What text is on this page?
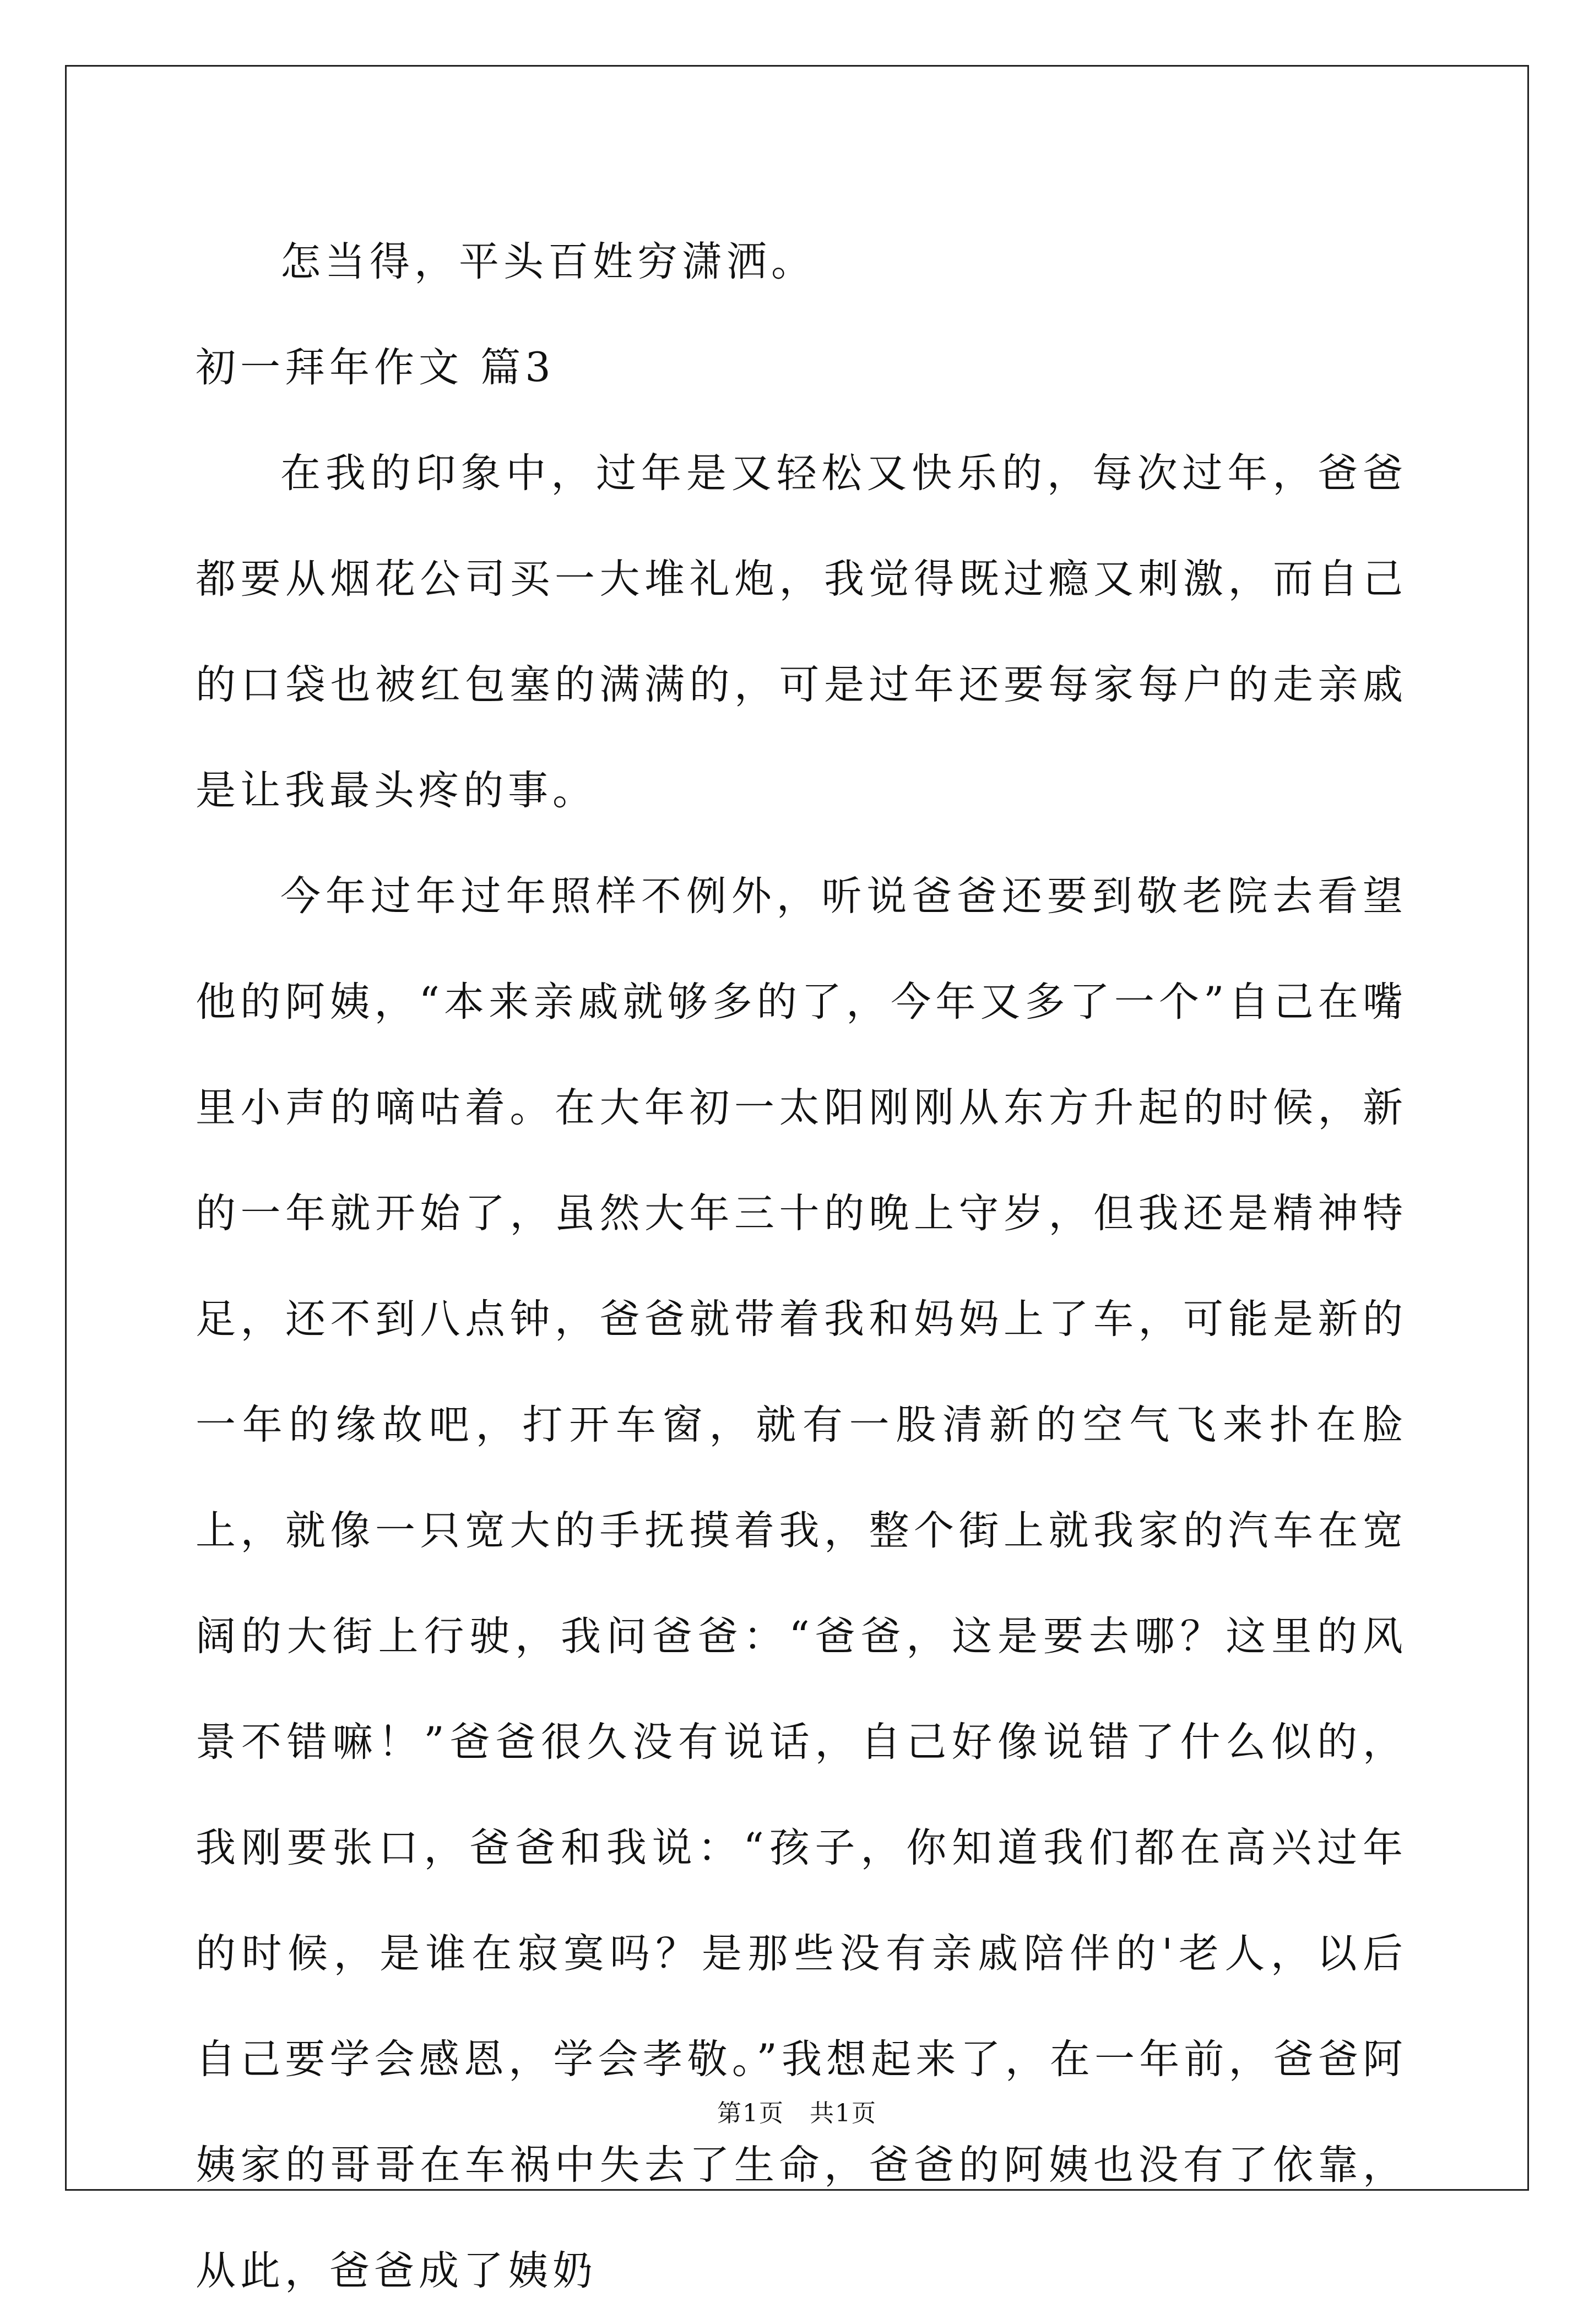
怎当得，平头百姓穷潇洒。

初一拜年作文 篇3

在我的印象中，过年是又轻松又快乐的，每次过年，爸爸都要从烟花公司买一大堆礼炮，我觉得既过瘾又刺激，而自己的口袋也被红包塞的满满的，可是过年还要每家每户的走亲戚是让我最头疼的事。

今年过年过年照样不例外，听说爸爸还要到敬老院去看望他的阿姨，“本来亲戚就够多的了，今年又多了一个”自己在嘴里小声的嘀咕着。在大年初一太阳刚刚从东方升起的时候，新的一年就开始了，虽然大年三十的晚上守岁，但我还是精神特足，还不到八点钟，爸爸就带着我和妈妈上了车，可能是新的一年的缘故吧，打开车窗，就有一股清新的空气飞来扑在脸上，就像一只宽大的手抚摸着我，整个街上就我家的汽车在宽阔的大街上行驶，我问爸爸：“爸爸，这是要去哪？这里的风景不错嘛！”爸爸很久没有说话，自己好像说错了什么似的，我刚要张口，爸爸和我说：“孩子，你知道我们都在高兴过年的时候，是谁在寂寞吗？是那些没有亲戚陪伴的'老人，以后自己要学会感恩，学会孝敬。”我想起来了，在一年前，爸爸阿姨家的哥哥在车祸中失去了生命，爸爸的阿姨也没有了依靠，从此，爸爸成了姨奶

第1页　共1页
